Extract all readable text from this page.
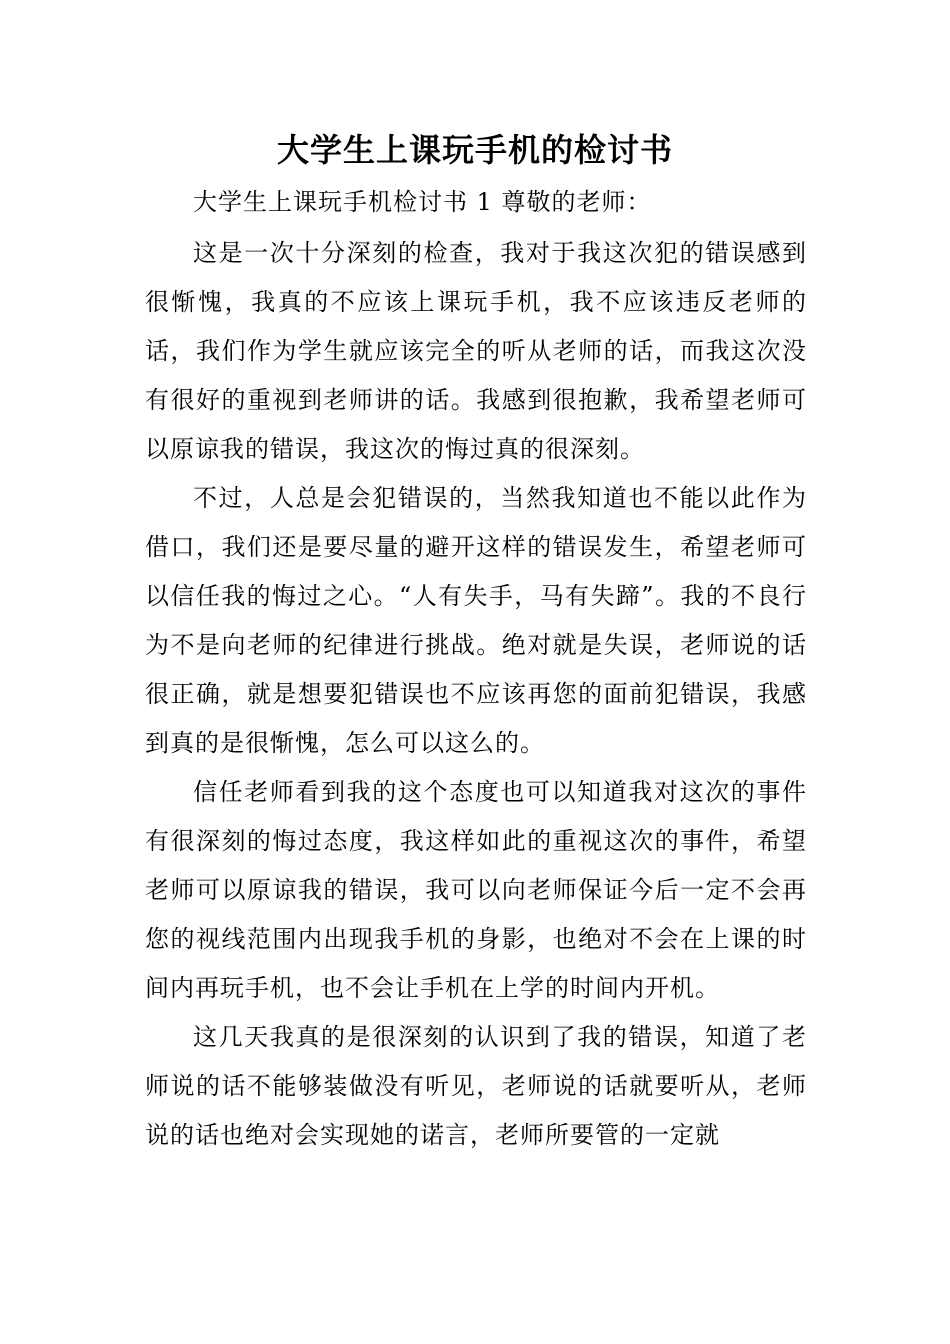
大学生上课玩手机的检讨书

大学生上课玩手机检讨书 1 尊敬的老师：

这是一次十分深刻的检查，我对于我这次犯的错误感到很惭愧，我真的不应该上课玩手机，我不应该违反老师的话，我们作为学生就应该完全的听从老师的话，而我这次没有很好的重视到老师讲的话。我感到很抱歉，我希望老师可以原谅我的错误，我这次的悔过真的很深刻。

不过，人总是会犯错误的，当然我知道也不能以此作为借口，我们还是要尽量的避开这样的错误发生，希望老师可以信任我的悔过之心。“人有失手，马有失蹄”。我的不良行为不是向老师的纪律进行挑战。绝对就是失误，老师说的话很正确，就是想要犯错误也不应该再您的面前犯错误，我感到真的是很惭愧，怎么可以这么的。

信任老师看到我的这个态度也可以知道我对这次的事件有很深刻的悔过态度，我这样如此的重视这次的事件，希望老师可以原谅我的错误，我可以向老师保证今后一定不会再您的视线范围内出现我手机的身影，也绝对不会在上课的时间内再玩手机，也不会让手机在上学的时间内开机。

这几天我真的是很深刻的认识到了我的错误，知道了老师说的话不能够装做没有听见，老师说的话就要听从，老师说的话也绝对会实现她的诺言，老师所要管的一定就
